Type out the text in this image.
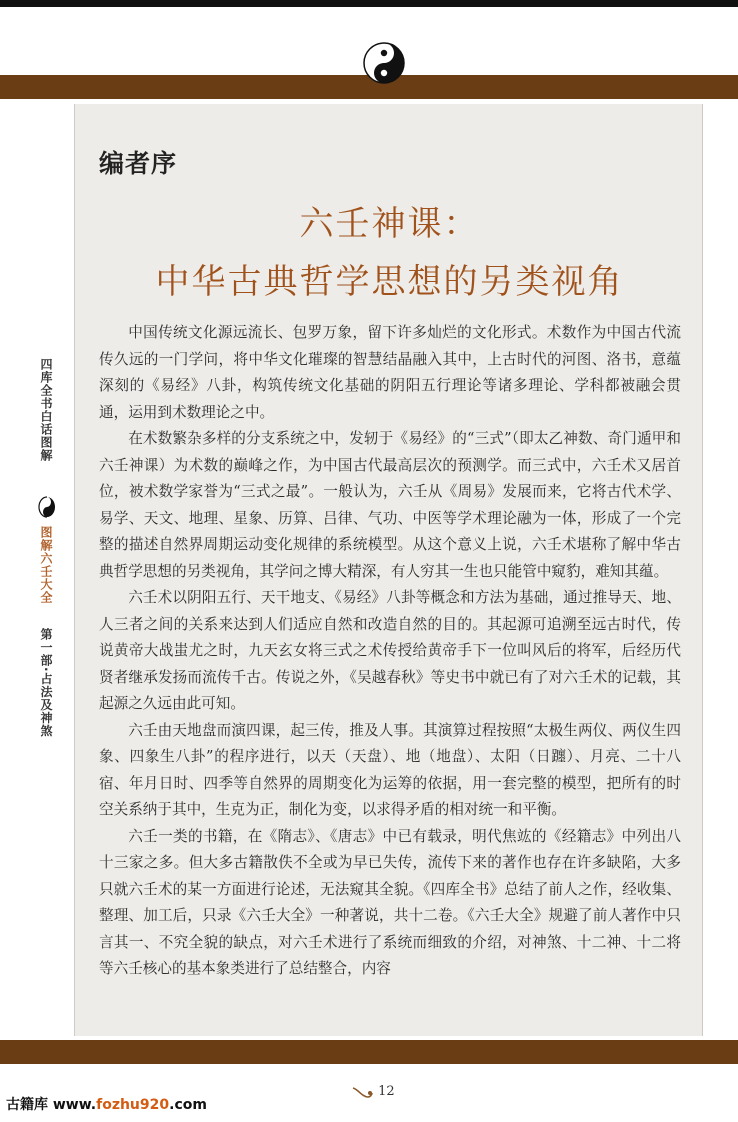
四库全书白话图解
图解六壬大全
第一部·占法及神煞
编者序
六壬神课：
中华古典哲学思想的另类视角

中国传统文化源远流长、包罗万象，留下许多灿烂的文化形式。术数作为中国古代流传久远的一门学问，将中华文化璀璨的智慧结晶融入其中，上古时代的河图、洛书，意蕴深刻的《易经》八卦，构筑传统文化基础的阴阳五行理论等诸多理论、学科都被融会贯通，运用到术数理论之中。

在术数繁杂多样的分支系统之中，发轫于《易经》的“三式”（即太乙神数、奇门遁甲和六壬神课）为术数的巅峰之作，为中国古代最高层次的预测学。而三式中，六壬术又居首位，被术数学家誉为“三式之最”。一般认为，六壬从《周易》发展而来，它将古代术学、易学、天文、地理、星象、历算、吕律、气功、中医等学术理论融为一体，形成了一个完整的描述自然界周期运动变化规律的系统模型。从这个意义上说，六壬术堪称了解中华古典哲学思想的另类视角，其学问之博大精深，有人穷其一生也只能管中窥豹，难知其蕴。

六壬术以阴阳五行、天干地支、《易经》八卦等概念和方法为基础，通过推导天、地、人三者之间的关系来达到人们适应自然和改造自然的目的。其起源可追溯至远古时代，传说黄帝大战蚩尤之时，九天玄女将三式之术传授给黄帝手下一位叫风后的将军，后经历代贤者继承发扬而流传千古。传说之外，《吴越春秋》等史书中就已有了对六壬术的记载，其起源之久远由此可知。

六壬由天地盘而演四课，起三传，推及人事。其演算过程按照“太极生两仪、两仪生四象、四象生八卦”的程序进行，以天（天盘）、地（地盘）、太阳（日躔）、月亮、二十八宿、年月日时、四季等自然界的周期变化为运筹的依据，用一套完整的模型，把所有的时空关系纳于其中，生克为正，制化为变，以求得矛盾的相对统一和平衡。

六壬一类的书籍，在《隋志》、《唐志》中已有载录，明代焦竑的《经籍志》中列出八十三家之多。但大多古籍散佚不全或为早已失传，流传下来的著作也存在许多缺陷，大多只就六壬术的某一方面进行论述，无法窥其全貌。《四库全书》总结了前人之作，经收集、整理、加工后，只录《六壬大全》一种著说，共十二卷。《六壬大全》规避了前人著作中只言其一、不究全貌的缺点，对六壬术进行了系统而细致的介绍，对神煞、十二神、十二将等六壬核心的基本象类进行了总结整合，内容

古籍库 www.fozhu920.com
12
